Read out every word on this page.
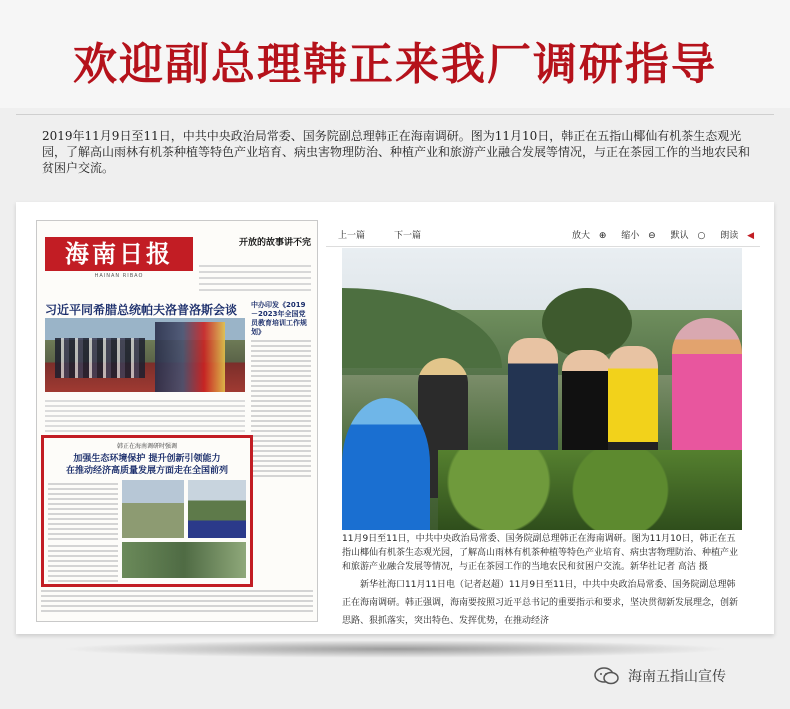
欢迎副总理韩正来我厂调研指导
2019年11月9日至11日，中共中央政治局常委、国务院副总理韩正在海南调研。图为11月10日，韩正在五指山椰仙有机茶生态观光园，了解高山雨林有机茶种植等特色产业培育、病虫害物理防治、种植产业和旅游产业融合发展等情况，与正在茶园工作的当地农民和贫困户交流。

海南日报
HAINAN RIBAO
开放的故事讲不完
习近平同希腊总统帕夫洛普洛斯会谈	中办印发《2019－2023年全国党员教育培训工作规划》
韩正在海南调研时强调
加强生态环境保护 提升创新引领能力
在推动经济高质量发展方面走在全国前列
上一篇	下一篇	放大 ⊕ 缩小 ⊖ 默认 ○ 朗读 ◀
11月9日至11日，中共中央政治局常委、国务院副总理韩正在海南调研。图为11月10日，韩正在五指山椰仙有机茶生态观光园，了解高山雨林有机茶种植等特色产业培育、病虫害物理防治、种植产业和旅游产业融合发展等情况，与正在茶园工作的当地农民和贫困户交流。新华社记者 高洁 摄
新华社海口11月11日电（记者赵超）11月9日至11日，中共中央政治局常委、国务院副总理韩正在海南调研。韩正强调，海南要按照习近平总书记的重要指示和要求，坚决贯彻新发展理念，创新思路、狠抓落实，突出特色、发挥优势，在推动经济
海南五指山宣传
